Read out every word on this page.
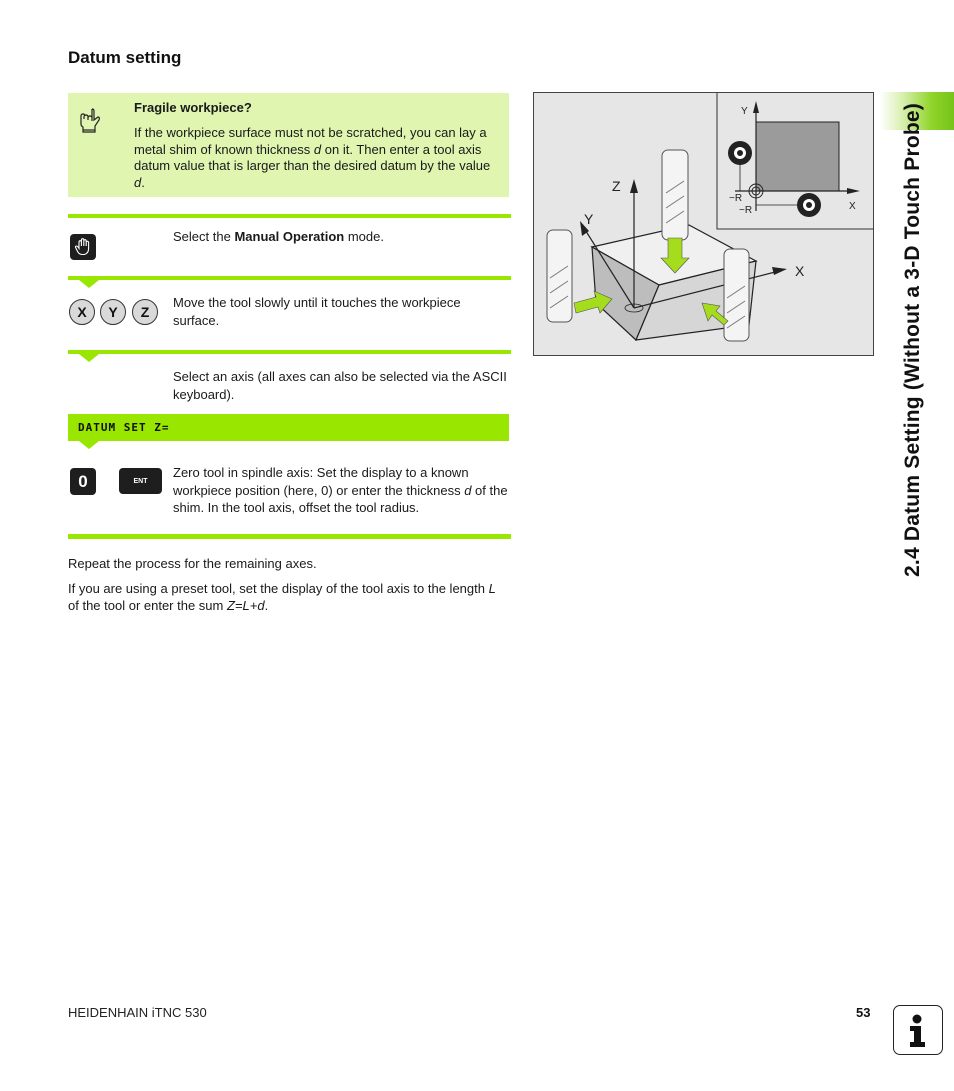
Datum setting
Fragile workpiece?
If the workpiece surface must not be scratched, you can lay a metal shim of known thickness d on it. Then enter a tool axis datum value that is larger than the desired datum by the value d.
Select the Manual Operation mode.
X	Y	Z
Move the tool slowly until it touches the workpiece surface.
Select an axis (all axes can also be selected via the ASCII keyboard).
DATUM SET Z=
0	ENT
Zero tool in spindle axis: Set the display to a known workpiece position (here, 0) or enter the thickness d of the shim. In the tool axis, offset the tool radius.
Repeat the process for the remaining axes.
If you are using a preset tool, set the display of the tool axis to the length L of the tool or enter the sum Z=L+d.
Y
X
−R
−R
Z
Y
X	2.4 Datum Setting (Without a 3-D Touch Probe)
HEIDENHAIN iTNC 530	53
